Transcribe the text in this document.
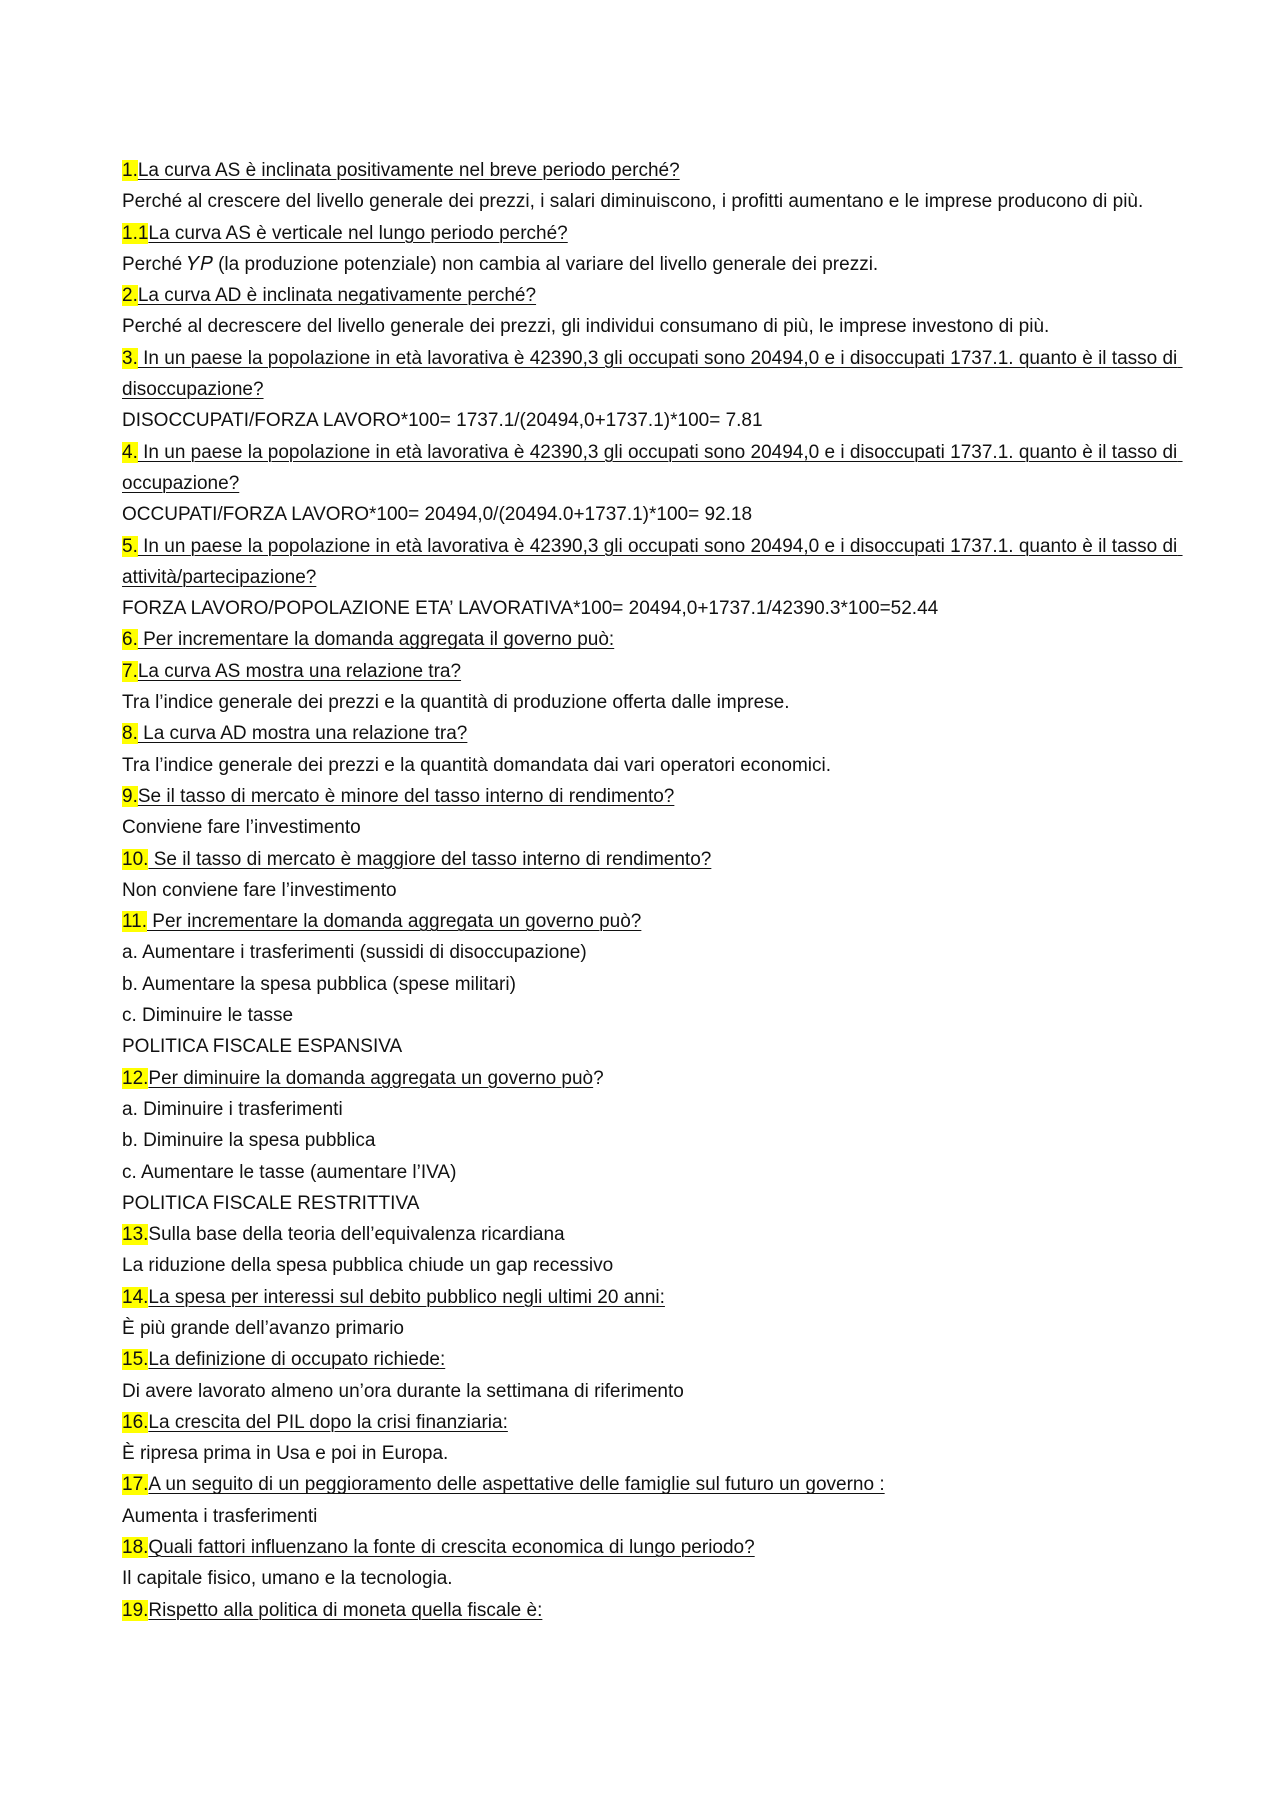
1.La curva AS è inclinata positivamente nel breve periodo perché?

Perché al crescere del livello generale dei prezzi, i salari diminuiscono, i profitti aumentano e le imprese producono di più.

1.1La curva AS è verticale nel lungo periodo perché?

Perché 𝑌𝑃 (la produzione potenziale) non cambia al variare del livello generale dei prezzi.

2.La curva AD è inclinata negativamente perché?

Perché al decrescere del livello generale dei prezzi, gli individui consumano di più, le imprese investono di più.

3. In un paese la popolazione in età lavorativa è 42390,3 gli occupati sono 20494,0 e i disoccupati 1737.1. quanto è il tasso di disoccupazione?

DISOCCUPATI/FORZA LAVORO*100= 1737.1/(20494,0+1737.1)*100= 7.81

4. In un paese la popolazione in età lavorativa è 42390,3 gli occupati sono 20494,0 e i disoccupati 1737.1. quanto è il tasso di occupazione?

OCCUPATI/FORZA LAVORO*100= 20494,0/(20494.0+1737.1)*100= 92.18

5. In un paese la popolazione in età lavorativa è 42390,3 gli occupati sono 20494,0 e i disoccupati 1737.1. quanto è il tasso di attività/partecipazione?

FORZA LAVORO/POPOLAZIONE ETA’ LAVORATIVA*100= 20494,0+1737.1/42390.3*100=52.44

6. Per incrementare la domanda aggregata il governo può:

7.La curva AS mostra una relazione tra?

Tra l’indice generale dei prezzi e la quantità di produzione offerta dalle imprese.

8. La curva AD mostra una relazione tra?

Tra l’indice generale dei prezzi e la quantità domandata dai vari operatori economici.

9.Se il tasso di mercato è minore del tasso interno di rendimento?

Conviene fare l’investimento

10. Se il tasso di mercato è maggiore del tasso interno di rendimento?

Non conviene fare l’investimento

11. Per incrementare la domanda aggregata un governo può?

a. Aumentare i trasferimenti (sussidi di disoccupazione)

b. Aumentare la spesa pubblica (spese militari)

c. Diminuire le tasse

POLITICA FISCALE ESPANSIVA

12.Per diminuire la domanda aggregata un governo può?

a. Diminuire i trasferimenti

b. Diminuire la spesa pubblica

c. Aumentare le tasse (aumentare l’IVA)

POLITICA FISCALE RESTRITTIVA

13.Sulla base della teoria dell’equivalenza ricardiana

La riduzione della spesa pubblica chiude un gap recessivo

14.La spesa per interessi sul debito pubblico negli ultimi 20 anni:

È più grande dell’avanzo primario

15.La definizione di occupato richiede:

Di avere lavorato almeno un’ora durante la settimana di riferimento

16.La crescita del PIL dopo la crisi finanziaria:

È ripresa prima in Usa e poi in Europa.

17.A un seguito di un peggioramento delle aspettative delle famiglie sul futuro un governo :

Aumenta i trasferimenti

18.Quali fattori influenzano la fonte di crescita economica di lungo periodo?

Il capitale fisico, umano e la tecnologia.

19.Rispetto alla politica di moneta quella fiscale è:
